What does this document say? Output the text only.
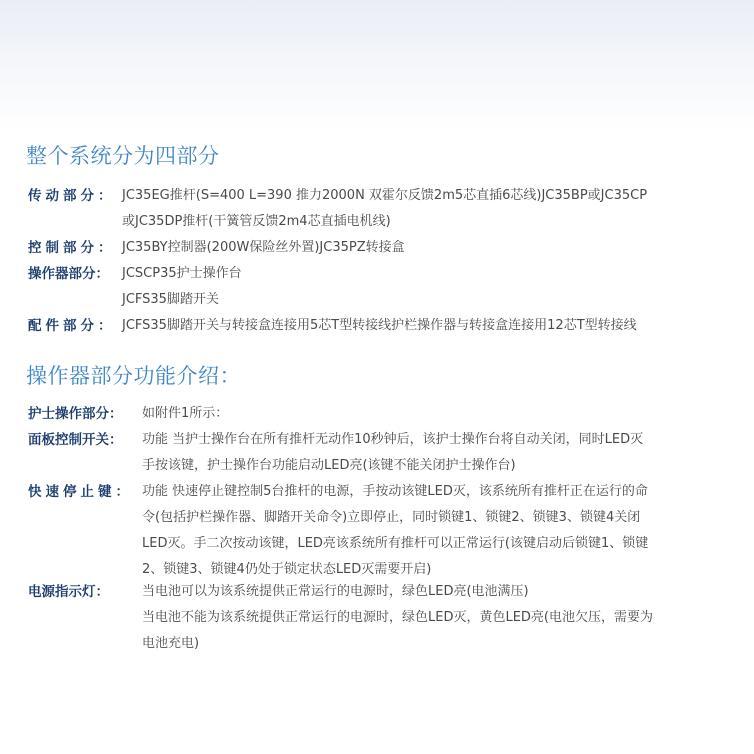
整个系统分为四部分
传动部分： JC35EG推杆(S=400 L=390 推力2000N 双霍尔反馈2m5芯直插6芯线)JC35BP或JC35CP
或JC35DP推杆(干簧管反馈2m4芯直插电机线)
控制部分： JC35BY控制器(200W保险丝外置)JC35PZ转接盒
操作器部分： JCSCP35护士操作台
JCFS35脚踏开关
配件部分： JCFS35脚踏开关与转接盒连接用5芯T型转接线护栏操作器与转接盒连接用12芯T型转接线
操作器部分功能介绍：
护士操作部分： 如附件1所示：
面板控制开关： 功能 当护士操作台在所有推杆无动作10秒钟后，该护士操作台将自动关闭，同时LED灭
手按该键，护士操作台功能启动LED亮(该键不能关闭护士操作台)
快速停止键： 功能 快速停止键控制5台推杆的电源，手按动该键LED灭，该系统所有推杆正在运行的命
令(包括护栏操作器、脚踏开关命令)立即停止，同时锁键1、锁键2、锁键3、锁键4关闭
LED灭。手二次按动该键，LED亮该系统所有推杆可以正常运行(该键启动后锁键1、锁键
2、锁键3、锁键4仍处于锁定状态LED灭需要开启)
电源指示灯：	当电池可以为该系统提供正常运行的电源时，绿色LED亮(电池满压)
当电池不能为该系统提供正常运行的电源时，绿色LED灭，黄色LED亮(电池欠压，需要为
电池充电)
